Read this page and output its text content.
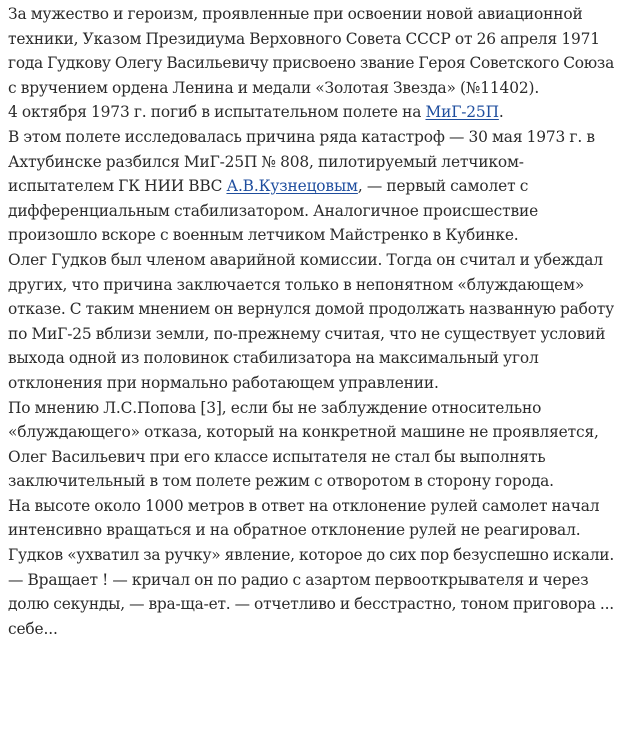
За мужество и героизм, проявленные при освоении новой авиационной
техники, Указом Президиума Верховного Совета СССР от 26 апреля 1971
года Гудкову Олегу Васильевичу присвоено звание Героя Советского Союза
с вручением ордена Ленина и медали «Золотая Звезда» (№11402).

4 октября 1973 г. погиб в испытательном полете на МиГ-25П.

В этом полете исследовалась причина ряда катастроф — 30 мая 1973 г. в
Ахтубинске разбился МиГ-25П № 808, пилотируемый летчиком-
испытателем ГК НИИ ВВС А.В.Кузнецовым, — первый самолет с
дифференциальным стабилизатором. Аналогичное происшествие
произошло вскоре с военным летчиком Майстренко в Кубинке.

Олег Гудков был членом аварийной комиссии. Тогда он считал и убеждал
других, что причина заключается только в непонятном «блуждающем»
отказе. С таким мнением он вернулся домой продолжать названную работу
по МиГ-25 вблизи земли, по-прежнему считая, что не существует условий
выхода одной из половинок стабилизатора на максимальный угол
отклонения при нормально работающем управлении.

По мнению Л.С.Попова [3], если бы не заблуждение относительно
«блуждающего» отказа, который на конкретной машине не проявляется,
Олег Васильевич при его классе испытателя не стал бы выполнять
заключительный в том полете режим с отворотом в сторону города.

На высоте около 1000 метров в ответ на отклонение рулей самолет начал
интенсивно вращаться и на обратное отклонение рулей не реагировал.

Гудков «ухватил за ручку» явление, которое до сих пор безуспешно искали.

— Вращает ! — кричал он по радио с азартом первооткрывателя и через
долю секунды, — вра-ща-ет. — отчетливо и бесстрастно, тоном приговора ...
себе...
